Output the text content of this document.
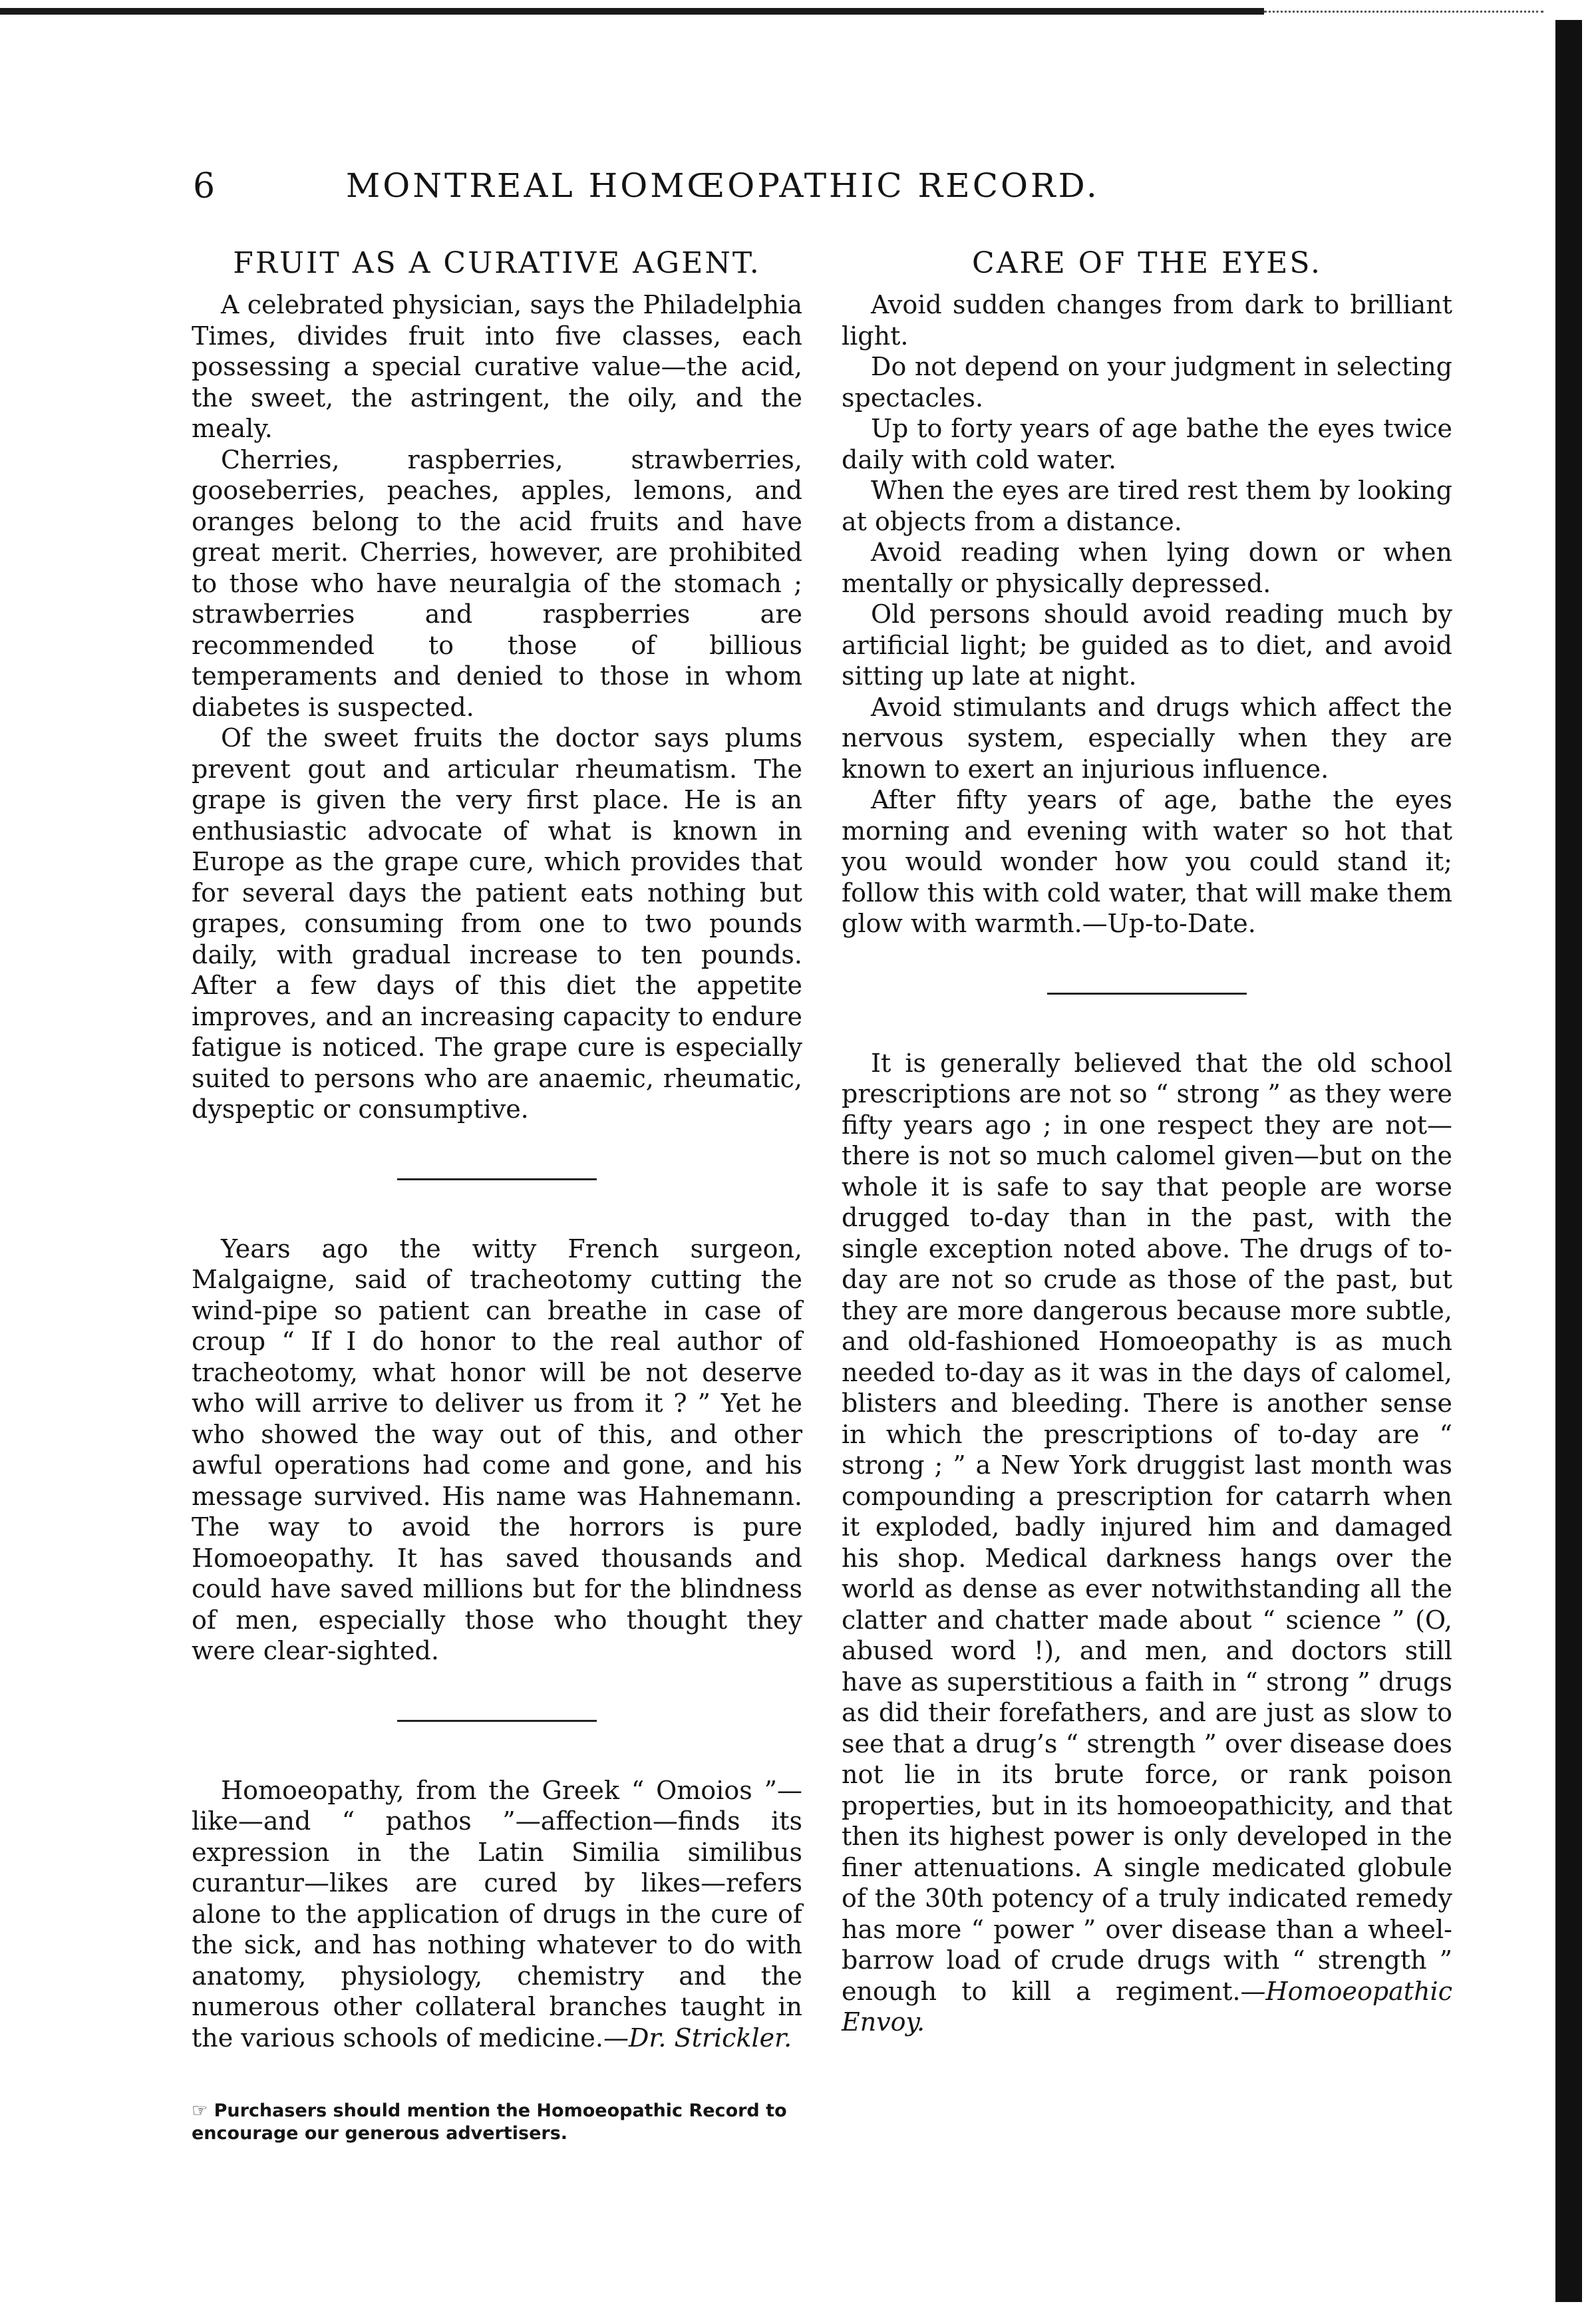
6	MONTREAL HOMŒOPATHIC RECORD.
FRUIT AS A CURATIVE AGENT.

A celebrated physician, says the Philadelphia Times, divides fruit into five classes, each possessing a special curative value—the acid, the sweet, the astringent, the oily, and the mealy.

Cherries, raspberries, strawberries, gooseberries, peaches, apples, lemons, and oranges belong to the acid fruits and have great merit. Cherries, however, are prohibited to those who have neuralgia of the stomach ; strawberries and raspberries are recommended to those of billious temperaments and denied to those in whom diabetes is suspected.

Of the sweet fruits the doctor says plums prevent gout and articular rheumatism. The grape is given the very first place. He is an enthusiastic advocate of what is known in Europe as the grape cure, which provides that for several days the patient eats nothing but grapes, consuming from one to two pounds daily, with gradual increase to ten pounds. After a few days of this diet the appetite improves, and an increasing capacity to endure fatigue is noticed. The grape cure is especially suited to persons who are anaemic, rheumatic, dyspeptic or consumptive.

Years ago the witty French surgeon, Malgaigne, said of tracheotomy cutting the wind-pipe so patient can breathe in case of croup “ If I do honor to the real author of tracheotomy, what honor will be not deserve who will arrive to deliver us from it ? ” Yet he who showed the way out of this, and other awful operations had come and gone, and his message survived. His name was Hahnemann. The way to avoid the horrors is pure Homoeopathy. It has saved thousands and could have saved millions but for the blindness of men, especially those who thought they were clear-sighted.

Homoeopathy, from the Greek “ Omoios ”—like—and “ pathos ”—affection—finds its expression in the Latin Similia similibus curantur—likes are cured by likes—refers alone to the application of drugs in the cure of the sick, and has nothing whatever to do with anatomy, physiology, chemistry and the numerous other collateral branches taught in the various schools of medicine.—Dr. Strickler.

☞ Purchasers should mention the Homoeopathic Record to encourage our generous advertisers.

CARE OF THE EYES.

Avoid sudden changes from dark to brilliant light.

Do not depend on your judgment in selecting spectacles.

Up to forty years of age bathe the eyes twice daily with cold water.

When the eyes are tired rest them by looking at objects from a distance.

Avoid reading when lying down or when mentally or physically depressed.

Old persons should avoid reading much by artificial light; be guided as to diet, and avoid sitting up late at night.

Avoid stimulants and drugs which affect the nervous system, especially when they are known to exert an injurious influence.

After fifty years of age, bathe the eyes morning and evening with water so hot that you would wonder how you could stand it; follow this with cold water, that will make them glow with warmth.—Up-to-Date.

It is generally believed that the old school prescriptions are not so “ strong ” as they were fifty years ago ; in one respect they are not—there is not so much calomel given—but on the whole it is safe to say that people are worse drugged to-day than in the past, with the single exception noted above. The drugs of to-day are not so crude as those of the past, but they are more dangerous because more subtle, and old-fashioned Homoeopathy is as much needed to-day as it was in the days of calomel, blisters and bleeding. There is another sense in which the prescriptions of to-day are “ strong ; ” a New York druggist last month was compounding a prescription for catarrh when it exploded, badly injured him and damaged his shop. Medical darkness hangs over the world as dense as ever notwithstanding all the clatter and chatter made about “ science ” (O, abused word !), and men, and doctors still have as superstitious a faith in “ strong ” drugs as did their forefathers, and are just as slow to see that a drug’s “ strength ” over disease does not lie in its brute force, or rank poison properties, but in its homoeopathicity, and that then its highest power is only developed in the finer attenuations. A single medicated globule of the 30th potency of a truly indicated remedy has more “ power ” over disease than a wheel-barrow load of crude drugs with “ strength ” enough to kill a regiment.—Homoeopathic Envoy.
